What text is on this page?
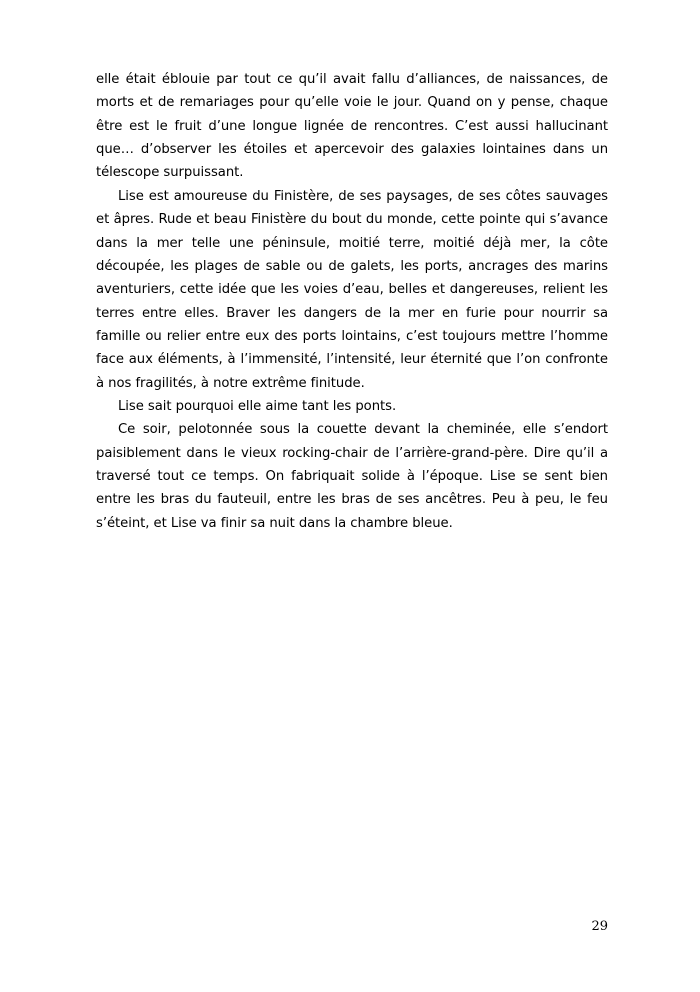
elle était éblouie par tout ce qu’il avait fallu d’alliances, de naissances, de morts et de remariages pour qu’elle voie le jour. Quand on y pense, chaque être est le fruit d’une longue lignée de rencontres. C’est aussi hallucinant que… d’observer les étoiles et apercevoir des galaxies lointaines dans un télescope surpuissant.

Lise est amoureuse du Finistère, de ses paysages, de ses côtes sauvages et âpres. Rude et beau Finistère du bout du monde, cette pointe qui s’avance dans la mer telle une péninsule, moitié terre, moitié déjà mer, la côte découpée, les plages de sable ou de galets, les ports, ancrages des marins aventuriers, cette idée que les voies d’eau, belles et dangereuses, relient les terres entre elles. Braver les dangers de la mer en furie pour nourrir sa famille ou relier entre eux des ports lointains, c’est toujours mettre l’homme face aux éléments, à l’immensité, l’intensité, leur éternité que l’on confronte à nos fragilités, à notre extrême finitude.

Lise sait pourquoi elle aime tant les ponts.

Ce soir, pelotonnée sous la couette devant la cheminée, elle s’endort paisiblement dans le vieux rocking-chair de l’arrière-grand-père. Dire qu’il a traversé tout ce temps. On fabriquait solide à l’époque. Lise se sent bien entre les bras du fauteuil, entre les bras de ses ancêtres. Peu à peu, le feu s’éteint, et Lise va finir sa nuit dans la chambre bleue.

29
